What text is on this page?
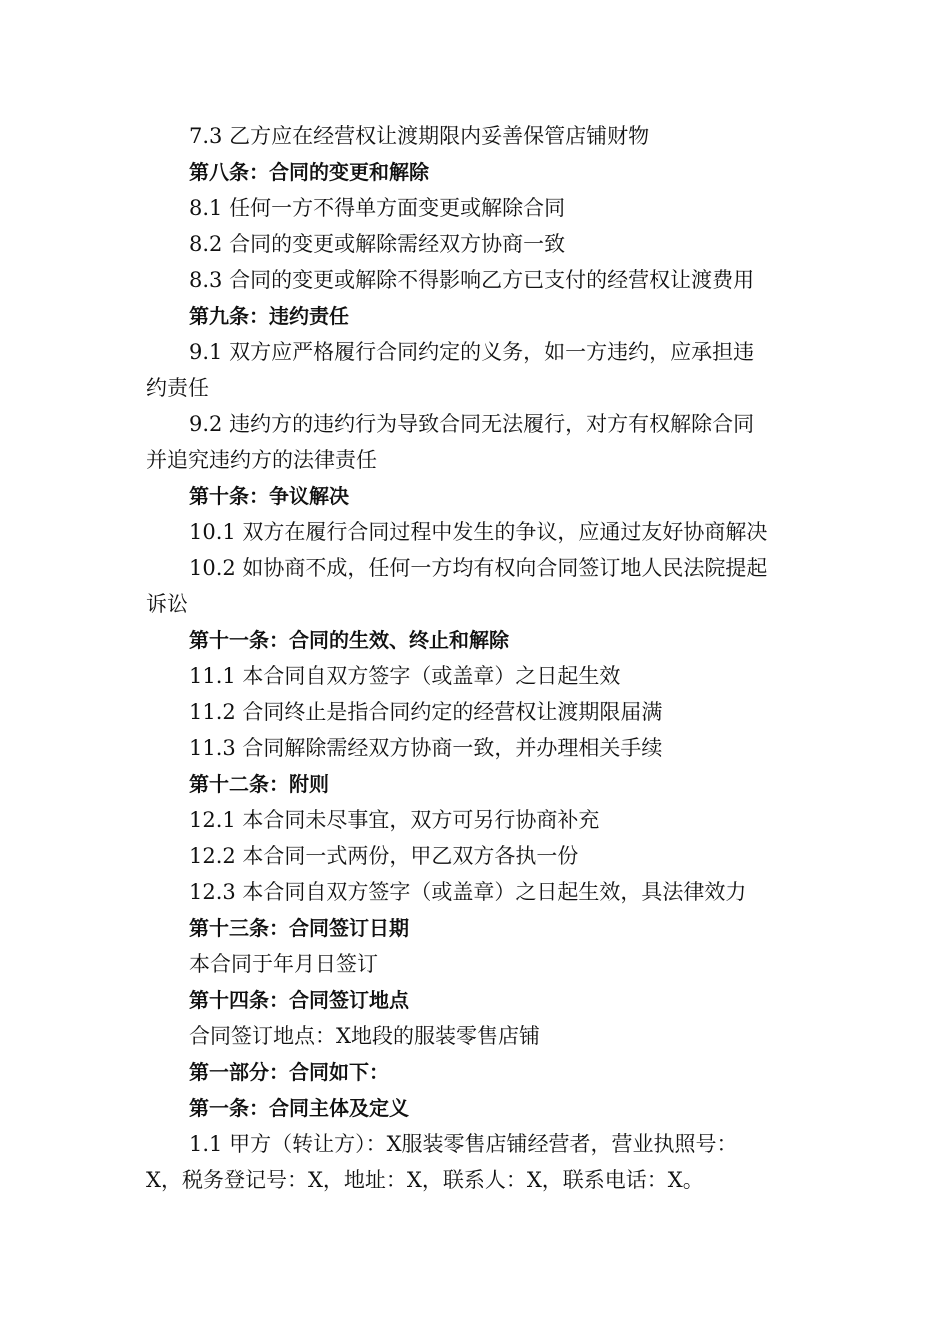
7.3 乙方应在经营权让渡期限内妥善保管店铺财物

第八条：合同的变更和解除

8.1 任何一方不得单方面变更或解除合同

8.2 合同的变更或解除需经双方协商一致

8.3 合同的变更或解除不得影响乙方已支付的经营权让渡费用

第九条：违约责任

9.1 双方应严格履行合同约定的义务，如一方违约，应承担违

约责任

9.2 违约方的违约行为导致合同无法履行，对方有权解除合同

并追究违约方的法律责任

第十条：争议解决

10.1 双方在履行合同过程中发生的争议，应通过友好协商解决

10.2 如协商不成，任何一方均有权向合同签订地人民法院提起

诉讼

第十一条：合同的生效、终止和解除

11.1 本合同自双方签字（或盖章）之日起生效

11.2 合同终止是指合同约定的经营权让渡期限届满

11.3 合同解除需经双方协商一致，并办理相关手续

第十二条：附则

12.1 本合同未尽事宜，双方可另行协商补充

12.2 本合同一式两份，甲乙双方各执一份

12.3 本合同自双方签字（或盖章）之日起生效，具法律效力

第十三条：合同签订日期

本合同于年月日签订

第十四条：合同签订地点

合同签订地点：X地段的服装零售店铺

第一部分：合同如下：

第一条：合同主体及定义

1.1 甲方（转让方）：X服装零售店铺经营者，营业执照号：

X，税务登记号：X，地址：X，联系人：X，联系电话：X。
